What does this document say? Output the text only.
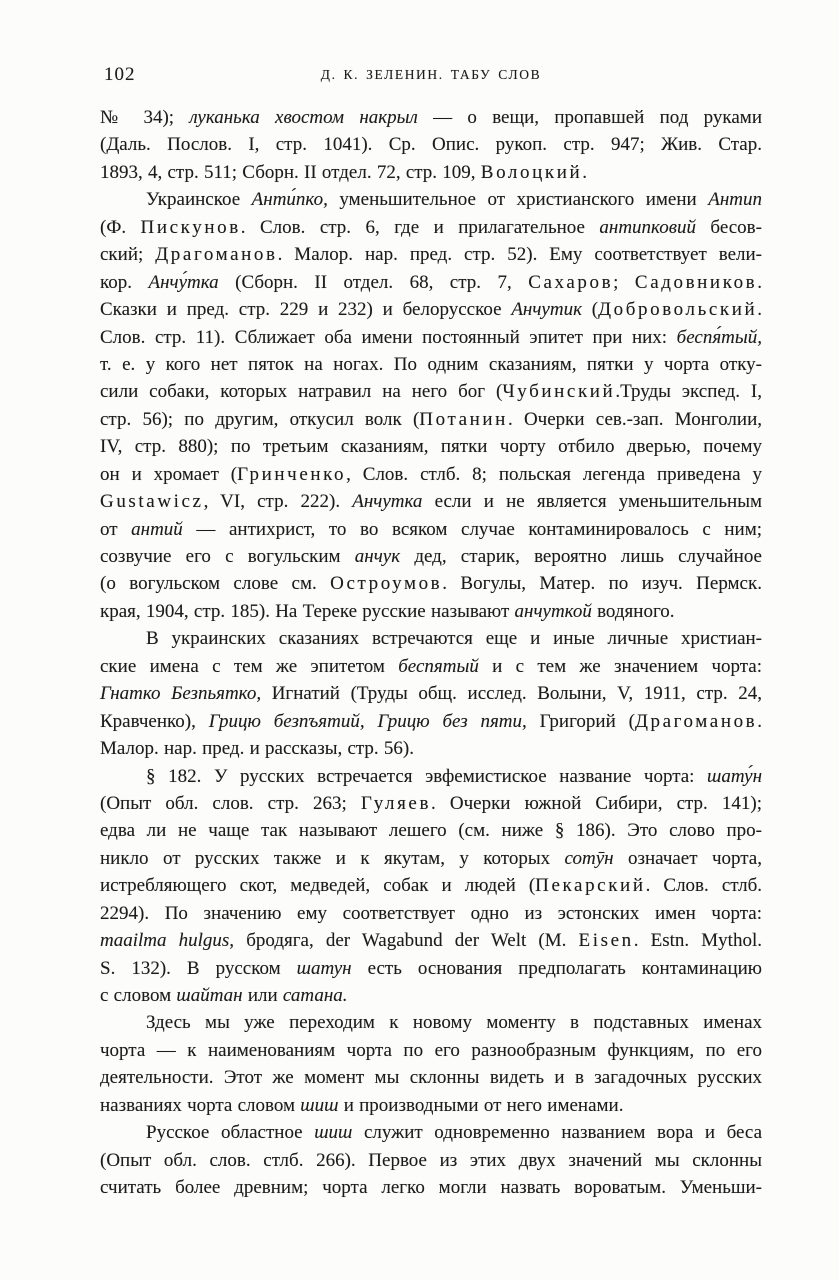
102	Д. К. ЗЕЛЕНИН. ТАБУ СЛОВ
№ 34); луканька хвостом накрыл — о вещи, пропавшей под руками
(Даль. Послов. I, стр. 1041). Ср. Опис. рукоп. стр. 947; Жив. Стар.
1893, 4, стр. 511; Сборн. II отдел. 72, стр. 109, Волоцкий.
Украинское Анти́пко, уменьшительное от христианского имени Антип
(Ф. Пискунов. Слов. стр. 6, где и прилагательное антипковий бесов-
ский; Драгоманов. Малор. нар. пред. стр. 52). Ему соответствует вели-
кор. Анчу́тка (Сборн. II отдел. 68, стр. 7, Сахаров; Садовников.
Сказки и пред. стр. 229 и 232) и белорусское Анчутик (Добровольский.
Слов. стр. 11). Сближает оба имени постоянный эпитет при них: беспя́тый,
т. е. у кого нет пяток на ногах. По одним сказаниям, пятки у чорта отку-
сили собаки, которых натравил на него бог (Чубинский.Труды экспед. I,
стр. 56); по другим, откусил волк (Потанин. Очерки сев.-зап. Монголии,
IV, стр. 880); по третьим сказаниям, пятки чорту отбило дверью, почему
он и хромает (Гринченко, Слов. стлб. 8; польская легенда приведена у
Gustawicz, VI, стр. 222). Анчутка если и не является уменьшительным
от антий — антихрист, то во всяком случае контаминировалось с ним;
созвучие его с вогульским анчук дед, старик, вероятно лишь случайное
(о вогульском слове см. Остроумов. Вогулы, Матер. по изуч. Пермск.
края, 1904, стр. 185). На Тереке русские называют анчуткой водяного.
В украинских сказаниях встречаются еще и иные личные христиан-
ские имена с тем же эпитетом беспятый и с тем же значением чорта:
Гнатко Безпьятко, Игнатий (Труды общ. исслед. Волыни, V, 1911, стр. 24,
Кравченко), Грицю безпъятий, Грицю без пяти, Григорий (Драгоманов.
Малор. нар. пред. и рассказы, стр. 56).
§ 182. У русских встречается эвфемистиское название чорта: шату́н
(Опыт обл. слов. стр. 263; Гуляев. Очерки южной Сибири, стр. 141);
едва ли не чаще так называют лешего (см. ниже § 186). Это слово про-
никло от русских также и к якутам, у которых сотӯн означает чорта,
истребляющего скот, медведей, собак и людей (Пекарский. Слов. стлб.
2294). По значению ему соответствует одно из эстонских имен чорта:
maailma hulgus, бродяга, der Wagabund der Welt (M. Eisen. Estn. Mythol.
S. 132). В русском шатун есть основания предполагать контаминацию
с словом шайтан или сатана.
Здесь мы уже переходим к новому моменту в подставных именах
чорта — к наименованиям чорта по его разнообразным функциям, по его
деятельности. Этот же момент мы склонны видеть и в загадочных русских
названиях чорта словом шиш и производными от него именами.
Русское областное шиш служит одновременно названием вора и беса
(Опыт обл. слов. стлб. 266). Первое из этих двух значений мы склонны
считать более древним; чорта легко могли назвать вороватым. Уменьши-
